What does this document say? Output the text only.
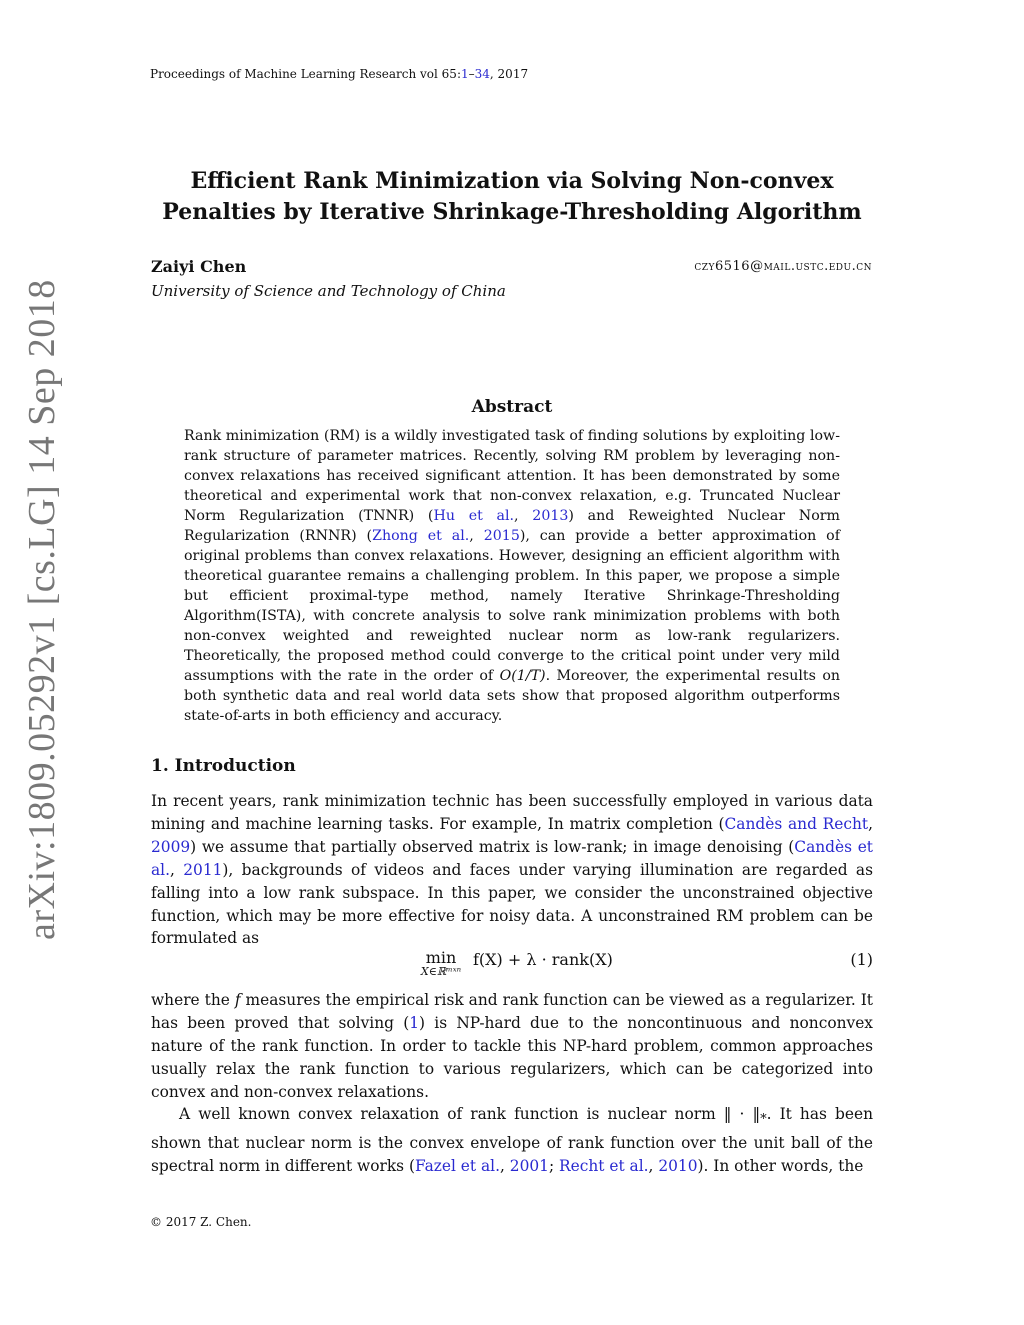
Proceedings of Machine Learning Research vol 65:1–34, 2017
Efficient Rank Minimization via Solving Non-convex
Penalties by Iterative Shrinkage-Thresholding Algorithm
Zaiyi Chen	czy6516@mail.ustc.edu.cn
University of Science and Technology of China
Abstract
Rank minimization (RM) is a wildly investigated task of finding solutions by exploiting low-rank structure of parameter matrices. Recently, solving RM problem by leveraging non-convex relaxations has received significant attention. It has been demonstrated by some theoretical and experimental work that non-convex relaxation, e.g. Truncated Nuclear Norm Regularization (TNNR) (Hu et al., 2013) and Reweighted Nuclear Norm Regularization (RNNR) (Zhong et al., 2015), can provide a better approximation of original problems than convex relaxations. However, designing an efficient algorithm with theoretical guarantee remains a challenging problem. In this paper, we propose a simple but efficient proximal-type method, namely Iterative Shrinkage-Thresholding Algorithm(ISTA), with concrete analysis to solve rank minimization problems with both non-convex weighted and reweighted nuclear norm as low-rank regularizers. Theoretically, the proposed method could converge to the critical point under very mild assumptions with the rate in the order of O(1/T). Moreover, the experimental results on both synthetic data and real world data sets show that proposed algorithm outperforms state-of-arts in both efficiency and accuracy.
1. Introduction
In recent years, rank minimization technic has been successfully employed in various data mining and machine learning tasks. For example, In matrix completion (Candès and Recht, 2009) we assume that partially observed matrix is low-rank; in image denoising (Candès et al., 2011), backgrounds of videos and faces under varying illumination are regarded as falling into a low rank subspace. In this paper, we consider the unconstrained objective function, which may be more effective for noisy data. A unconstrained RM problem can be formulated as
min
X∈ℝᵐˣⁿ
f(X) + λ · rank(X)	(1)
where the f measures the empirical risk and rank function can be viewed as a regularizer. It has been proved that solving (1) is NP-hard due to the noncontinuous and nonconvex nature of the rank function. In order to tackle this NP-hard problem, common approaches usually relax the rank function to various regularizers, which can be categorized into convex and non-convex relaxations.
A well known convex relaxation of rank function is nuclear norm ‖ · $‖_*$. It has been shown that nuclear norm is the convex envelope of rank function over the unit ball of the spectral norm in different works (Fazel et al., 2001; Recht et al., 2010). In other words, the
© 2017 Z. Chen.
arXiv:1809.05292v1 [cs.LG] 14 Sep 2018
